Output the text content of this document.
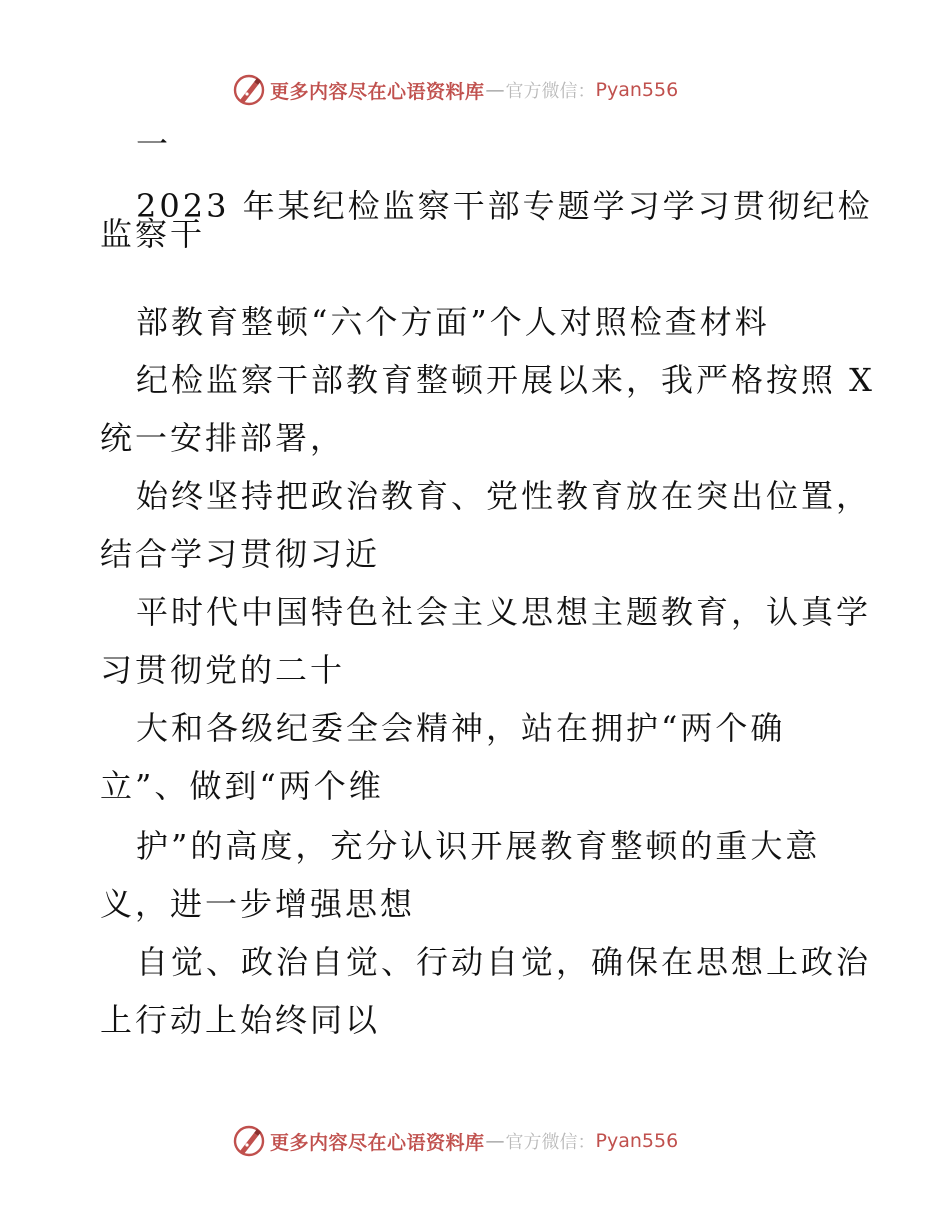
更多内容尽在心语资料库 — 官方微信： Pyan556
一
2023 年某纪检监察干部专题学习学习贯彻纪检
监察干
部教育整顿“六个方面”个人对照检查材料
纪检监察干部教育整顿开展以来，我严格按照 X
统一安排部署，
始终坚持把政治教育、党性教育放在突出位置，
结合学习贯彻习近
平时代中国特色社会主义思想主题教育，认真学
习贯彻党的二十
大和各级纪委全会精神，站在拥护“两个确
立”、做到“两个维
护”的高度，充分认识开展教育整顿的重大意
义，进一步增强思想
自觉、政治自觉、行动自觉，确保在思想上政治
上行动上始终同以
更多内容尽在心语资料库 — 官方微信： Pyan556
